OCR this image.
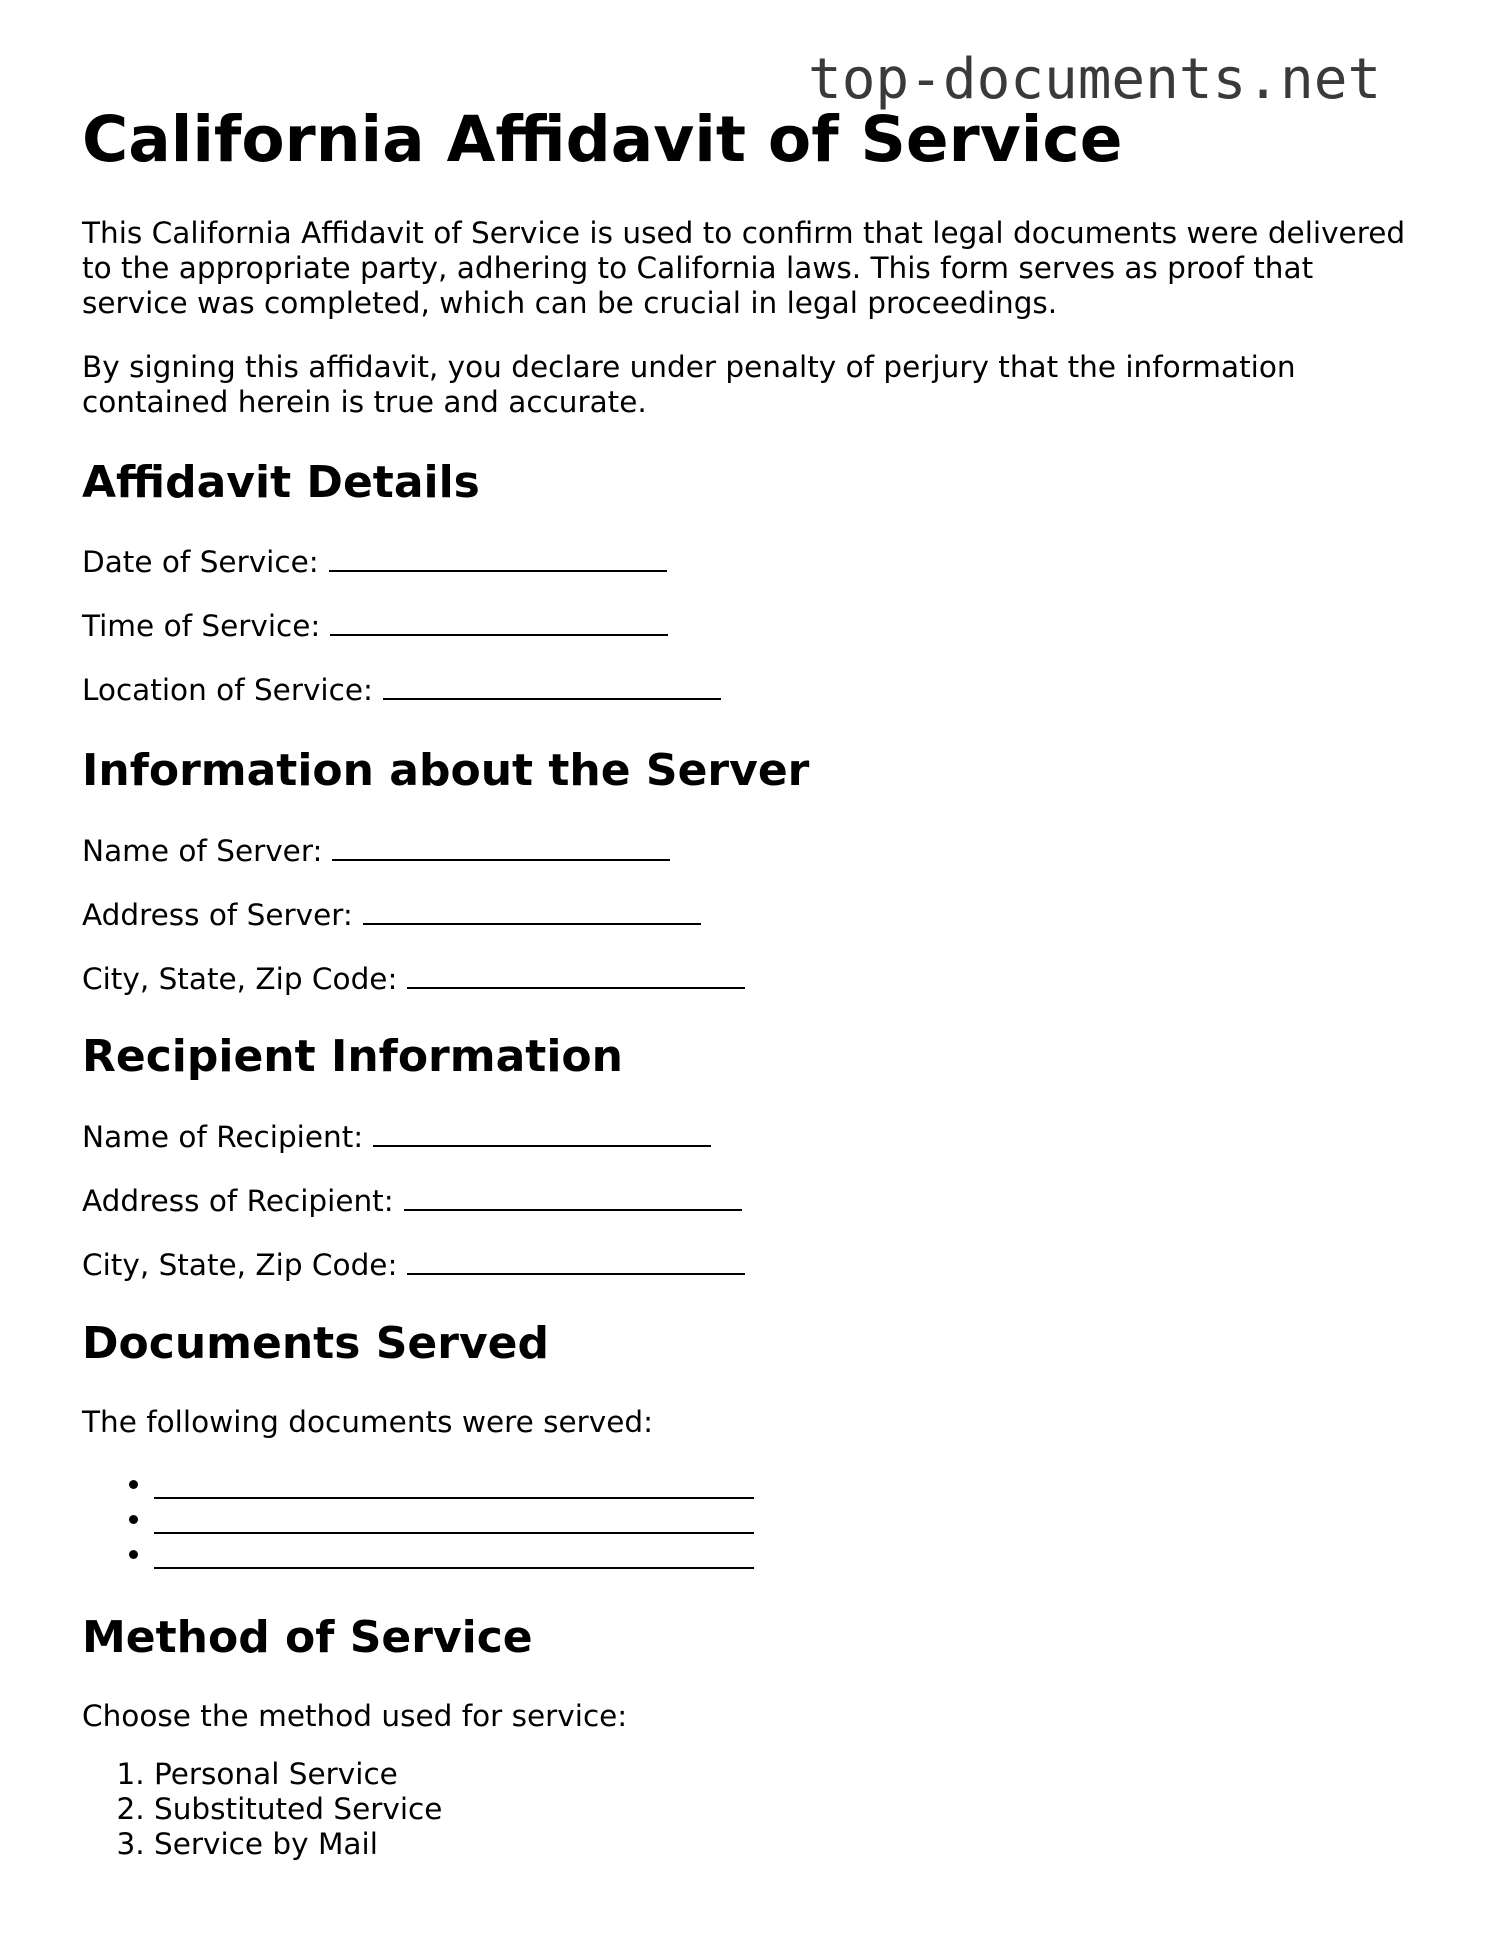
top-documents.net
California Affidavit of Service

This California Affidavit of Service is used to confirm that legal documents were delivered to the appropriate party, adhering to California laws. This form serves as proof that service was completed, which can be crucial in legal proceedings.

By signing this affidavit, you declare under penalty of perjury that the information contained herein is true and accurate.

Affidavit Details
Date of Service:
Time of Service:
Location of Service:
Information about the Server
Name of Server:
Address of Server:
City, State, Zip Code:
Recipient Information
Name of Recipient:
Address of Recipient:
City, State, Zip Code:
Documents Served

The following documents were served:

•
•
•
Method of Service

Choose the method used for service:

1. Personal Service
2. Substituted Service
3. Service by Mail
